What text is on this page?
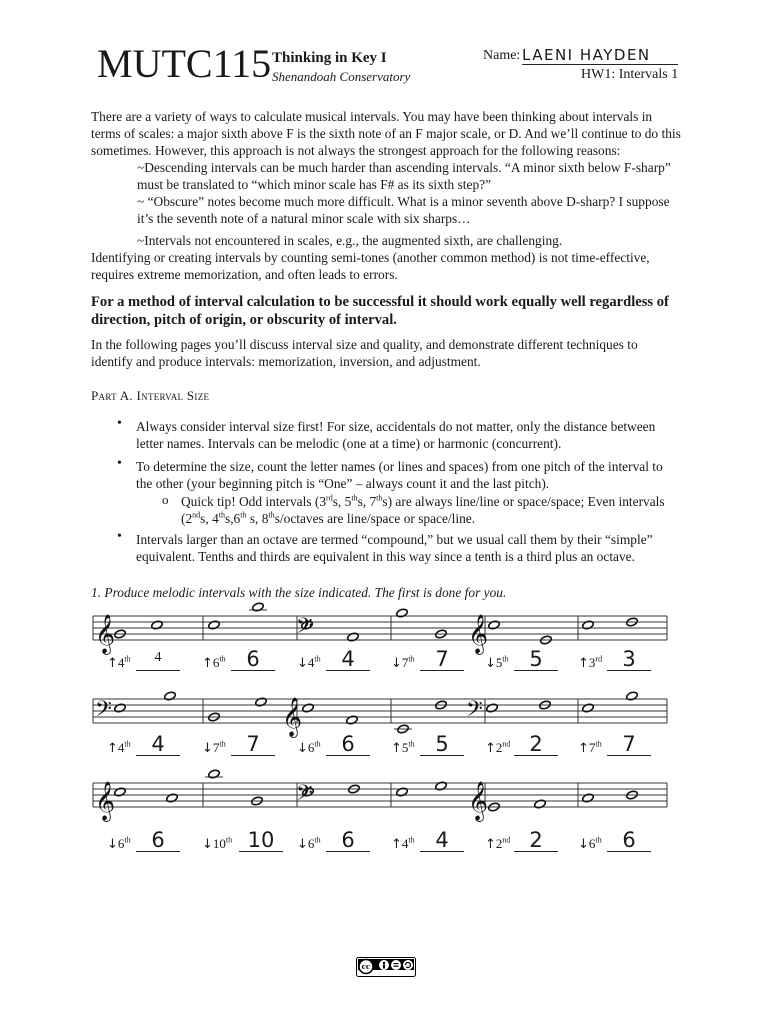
MUTC115 Thinking in Key I
Shenandoah Conservatory
Name: LAENI HAYDEN
HW1: Intervals 1
There are a variety of ways to calculate musical intervals. You may have been thinking about intervals in terms of scales: a major sixth above F is the sixth note of an F major scale, or D. And we’ll continue to do this sometimes. However, this approach is not always the strongest approach for the following reasons:
~Descending intervals can be much harder than ascending intervals. “A minor sixth below F-sharp” must be translated to “which minor scale has F# as its sixth step?”
~ “Obscure” notes become much more difficult. What is a minor seventh above D-sharp? I suppose it’s the seventh note of a natural minor scale with six sharps…
~Intervals not encountered in scales, e.g., the augmented sixth, are challenging.
Identifying or creating intervals by counting semi-tones (another common method) is not time-effective, requires extreme memorization, and often leads to errors.
For a method of interval calculation to be successful it should work equally well regardless of direction, pitch of origin, or obscurity of interval.
In the following pages you’ll discuss interval size and quality, and demonstrate different techniques to identify and produce intervals: memorization, inversion, and adjustment.
Part A. Interval Size
• Always consider interval size first! For size, accidentals do not matter, only the distance between letter names. Intervals can be melodic (one at a time) or harmonic (concurrent).
• To determine the size, count the letter names (or lines and spaces) from one pitch of the interval to the other (your beginning pitch is “One” – always count it and the last pitch).
o Quick tip! Odd intervals (3rds, 5ths, 7ths) are always line/line or space/space; Even intervals (2nds, 4ths,6th s, 8ths/octaves are line/space or space/line.
• Intervals larger than an octave are termed “compound,” but we usual call them by their “simple” equivalent. Tenths and thirds are equivalent in this way since a tenth is a third plus an octave.
1. Produce melodic intervals with the size indicated. The first is done for you.
𝄞	𝄢	𝄞
𝄢	𝄞	𝄢
𝄞	𝄢	𝄞
↑4th	4	↑6th 6	↓4th 4	↓7th 7	↓5th 5	↑3rd 3
↑4th 4	↓7th 7	↓6th 6	↑5th 5	↑2nd 2	↑7th 7
↓6th 6	↓10th 10	↓6th 6	↑4th 4	↑2nd 2	↓6th 6
cc
